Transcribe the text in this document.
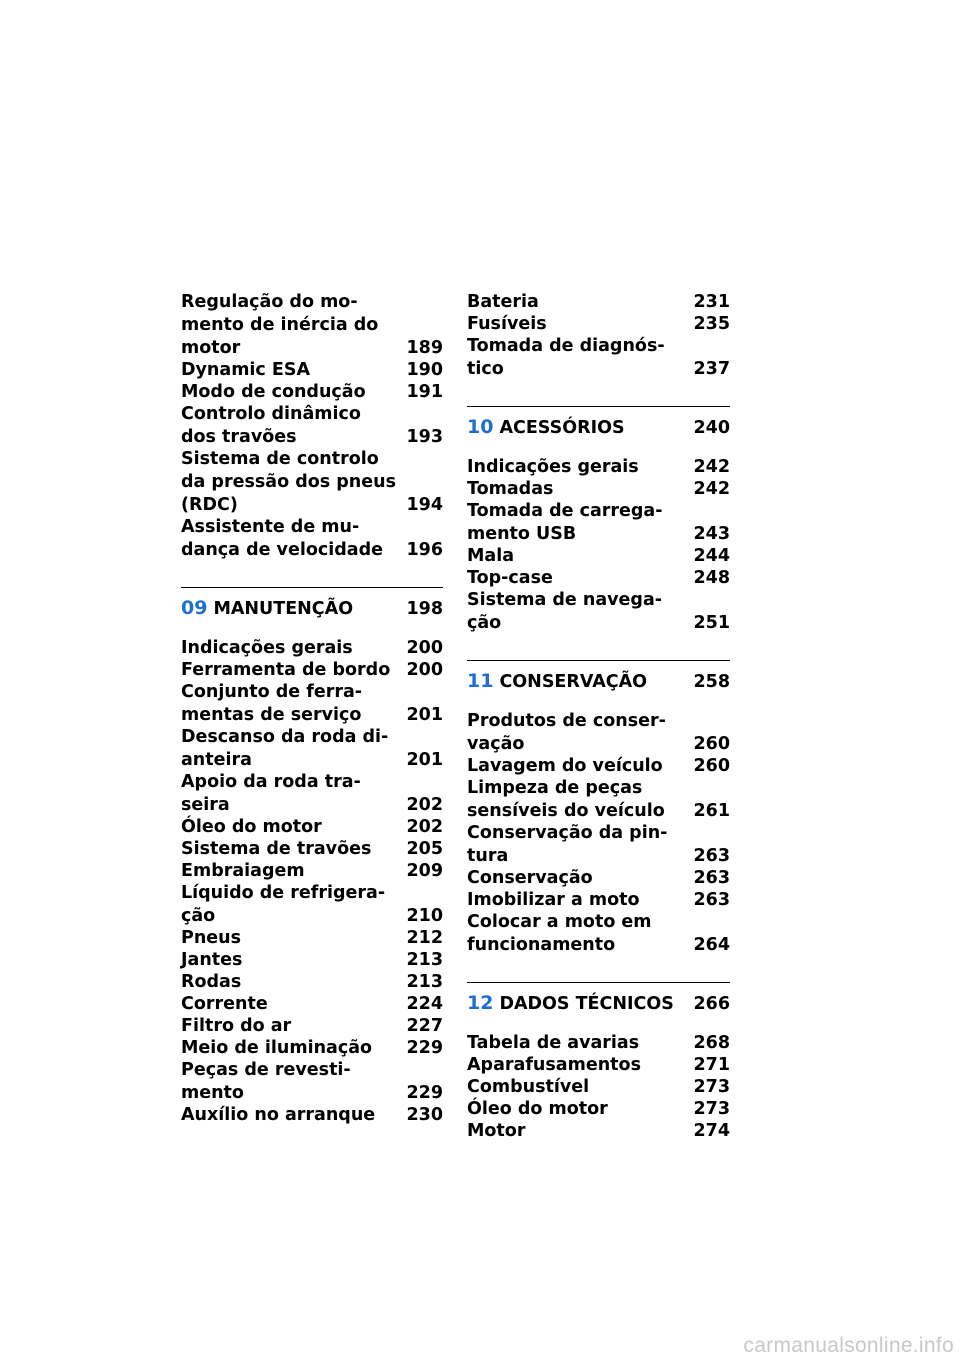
Regulação do mo-
mento de inércia do
motor	189
Dynamic ESA	190
Modo de condução 191
Controlo dinâmico
dos travões	193
Sistema de controlo
da pressão dos pneus
(RDC)	194
Assistente de mu-
dança de velocidade 196
09 MANUTENÇÃO	198
Indicações gerais	200
Ferramenta de bordo 200
Conjunto de ferra-
mentas de serviço	201
Descanso da roda di-
anteira	201
Apoio da roda tra-
seira	202
Óleo do motor	202
Sistema de travões 205
Embraiagem	209
Líquido de refrigera-
ção	210
Pneus	212
Jantes	213
Rodas	213
Corrente	224
Filtro do ar	227
Meio de iluminação 229
Peças de revesti-
mento	229
Auxílio no arranque 230
Bateria	231
Fusíveis	235
Tomada de diagnós-
tico	237
10 ACESSÓRIOS	240
Indicações gerais	242
Tomadas	242
Tomada de carrega-
mento USB	243
Mala	244
Top-case	248
Sistema de navega-
ção	251
11 CONSERVAÇÃO	258
Produtos de conser-
vação	260
Lavagem do veículo 260
Limpeza de peças
sensíveis do veículo 261
Conservação da pin-
tura	263
Conservação	263
Imobilizar a moto	263
Colocar a moto em
funcionamento	264
12 DADOS TÉCNICOS	266
Tabela de avarias	268
Aparafusamentos	271
Combustível	273
Óleo do motor	273
Motor	274
carmanualsonline.info
